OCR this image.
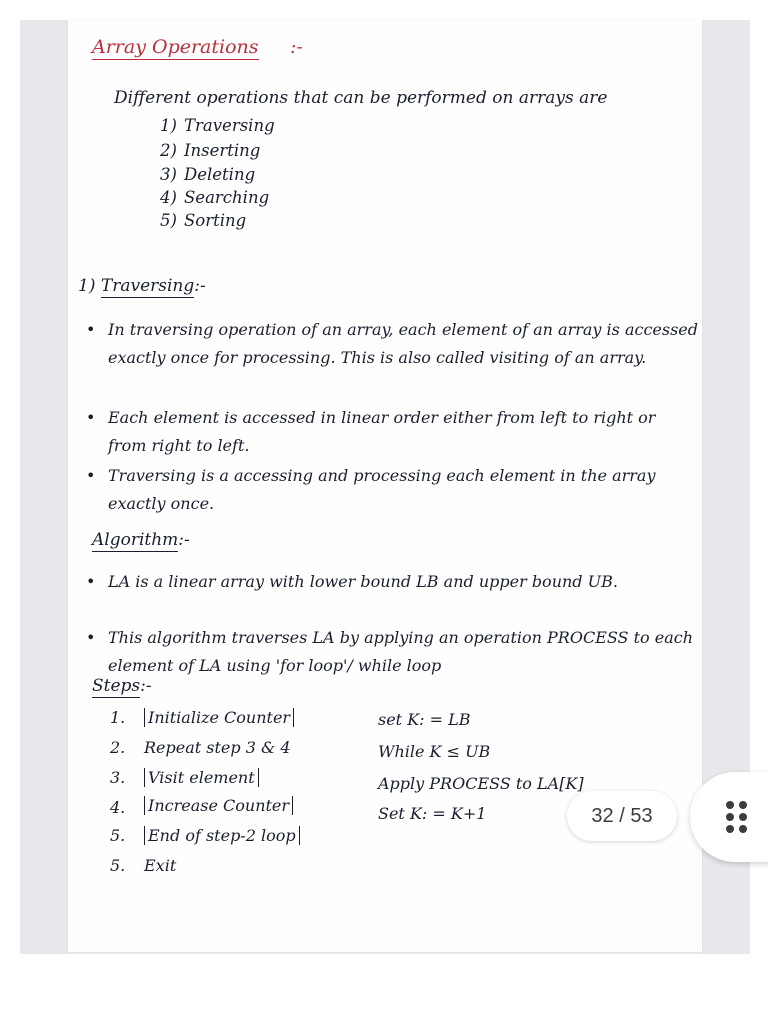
Array Operations :-
Different operations that can be performed on arrays are
1) Traversing
2) Inserting
3) Deleting
4) Searching
5) Sorting
1) Traversing:-
• In traversing operation of an array, each element of an array is accessed exactly once for processing. This is also called visiting of an array.
• Each element is accessed in linear order either from left to right or from right to left.
• Traversing is a accessing and processing each element in the array exactly once.
Algorithm:-
• LA is a linear array with lower bound LB and upper bound UB.
• This algorithm traverses LA by applying an operation PROCESS to each element of LA using 'for loop'/ while loop
Steps:-
1. Initialize Counter	set K: = LB
2. Repeat step 3 & 4	While K ≤ UB
3. Visit element	Apply PROCESS to LA[K]
4. Increase Counter	Set K: = K+1
5. End of step-2 loop
5. Exit
32 / 53
